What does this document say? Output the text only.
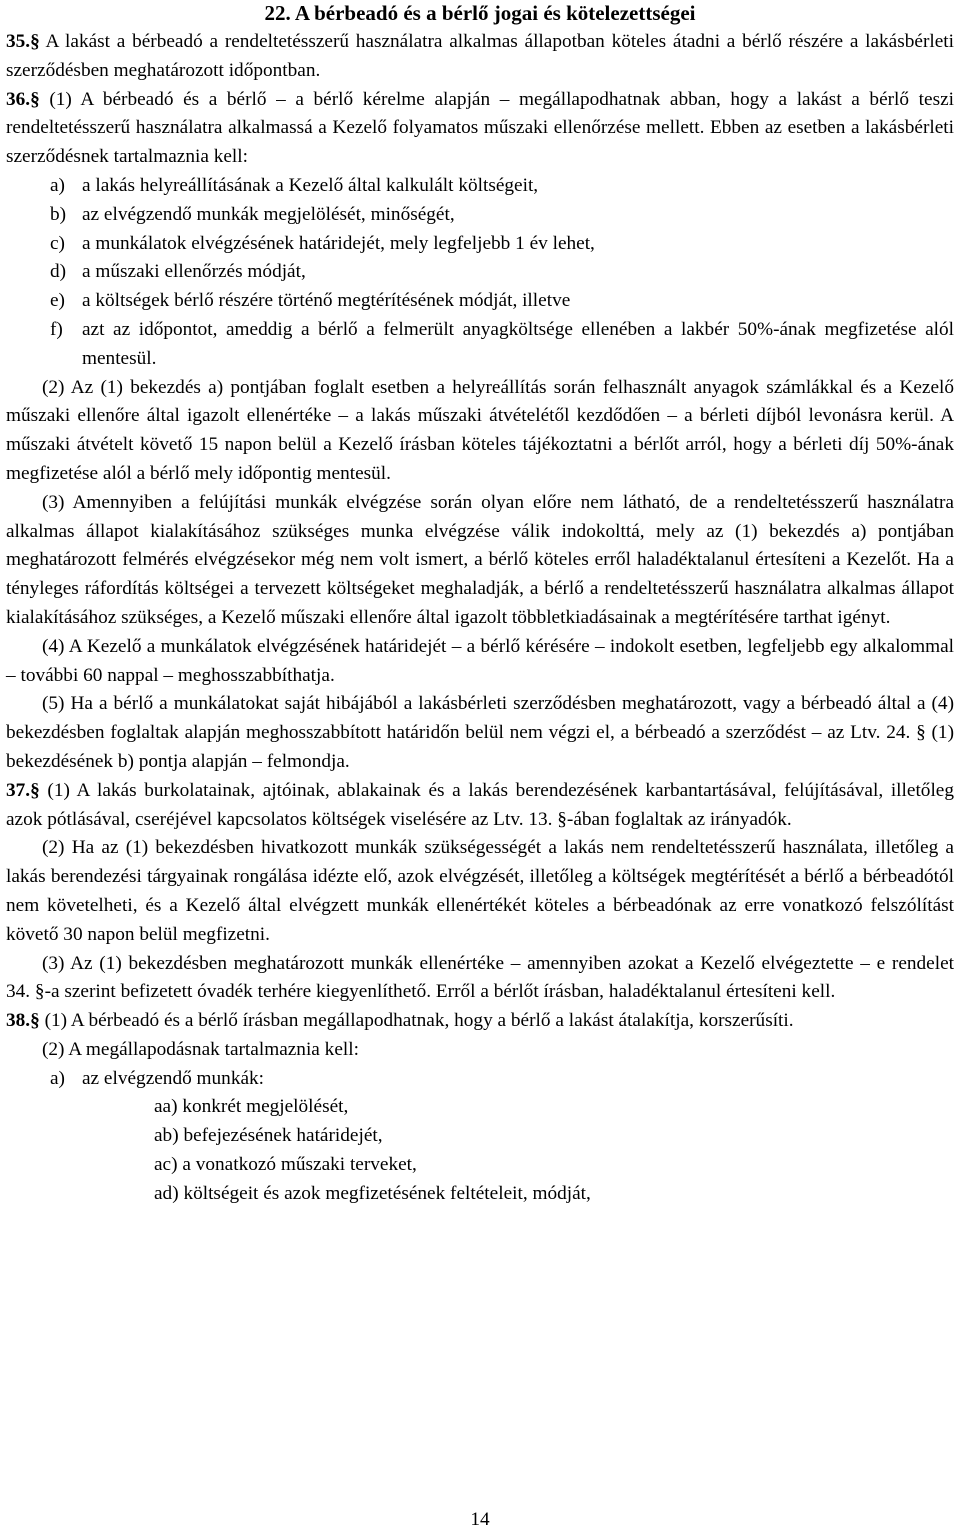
22. A bérbeadó és a bérlő jogai és kötelezettségei

35.§ A lakást a bérbeadó a rendeltetésszerű használatra alkalmas állapotban köteles átadni a bérlő részére a lakásbérleti szerződésben meghatározott időpontban.

36.§ (1) A bérbeadó és a bérlő – a bérlő kérelme alapján – megállapodhatnak abban, hogy a lakást a bérlő teszi rendeltetésszerű használatra alkalmassá a Kezelő folyamatos műszaki ellenőrzése mellett. Ebben az esetben a lakásbérleti szerződésnek tartalmaznia kell:

a) a lakás helyreállításának a Kezelő által kalkulált költségeit,

b) az elvégzendő munkák megjelölését, minőségét,

c) a munkálatok elvégzésének határidejét, mely legfeljebb 1 év lehet,

d) a műszaki ellenőrzés módját,

e) a költségek bérlő részére történő megtérítésének módját, illetve

f) azt az időpontot, ameddig a bérlő a felmerült anyagköltsége ellenében a lakbér 50%-ának megfizetése alól mentesül.

(2) Az (1) bekezdés a) pontjában foglalt esetben a helyreállítás során felhasznált anyagok számlákkal és a Kezelő műszaki ellenőre által igazolt ellenértéke – a lakás műszaki átvételétől kezdődően – a bérleti díjból levonásra kerül. A műszaki átvételt követő 15 napon belül a Kezelő írásban köteles tájékoztatni a bérlőt arról, hogy a bérleti díj 50%-ának megfizetése alól a bérlő mely időpontig mentesül.

(3) Amennyiben a felújítási munkák elvégzése során olyan előre nem látható, de a rendeltetésszerű használatra alkalmas állapot kialakításához szükséges munka elvégzése válik indokolttá, mely az (1) bekezdés a) pontjában meghatározott felmérés elvégzésekor még nem volt ismert, a bérlő köteles erről haladéktalanul értesíteni a Kezelőt. Ha a tényleges ráfordítás költségei a tervezett költségeket meghaladják, a bérlő a rendeltetésszerű használatra alkalmas állapot kialakításához szükséges, a Kezelő műszaki ellenőre által igazolt többletkiadásainak a megtérítésére tarthat igényt.

(4) A Kezelő a munkálatok elvégzésének határidejét – a bérlő kérésére – indokolt esetben, legfeljebb egy alkalommal – további 60 nappal – meghosszabbíthatja.

(5) Ha a bérlő a munkálatokat saját hibájából a lakásbérleti szerződésben meghatározott, vagy a bérbeadó által a (4) bekezdésben foglaltak alapján meghosszabbított határidőn belül nem végzi el, a bérbeadó a szerződést – az Ltv. 24. § (1) bekezdésének b) pontja alapján – felmondja.

37.§ (1) A lakás burkolatainak, ajtóinak, ablakainak és a lakás berendezésének karbantartásával, felújításával, illetőleg azok pótlásával, cseréjével kapcsolatos költségek viselésére az Ltv. 13. §-ában foglaltak az irányadók.

(2) Ha az (1) bekezdésben hivatkozott munkák szükségességét a lakás nem rendeltetésszerű használata, illetőleg a lakás berendezési tárgyainak rongálása idézte elő, azok elvégzését, illetőleg a költségek megtérítését a bérlő a bérbeadótól nem követelheti, és a Kezelő által elvégzett munkák ellenértékét köteles a bérbeadónak az erre vonatkozó felszólítást követő 30 napon belül megfizetni.

(3) Az (1) bekezdésben meghatározott munkák ellenértéke – amennyiben azokat a Kezelő elvégeztette – e rendelet 34. §-a szerint befizetett óvadék terhére kiegyenlíthető. Erről a bérlőt írásban, haladéktalanul értesíteni kell.

38.§ (1) A bérbeadó és a bérlő írásban megállapodhatnak, hogy a bérlő a lakást átalakítja, korszerűsíti.

(2) A megállapodásnak tartalmaznia kell:

a) az elvégzendő munkák:

aa) konkrét megjelölését,

ab) befejezésének határidejét,

ac) a vonatkozó műszaki terveket,

ad) költségeit és azok megfizetésének feltételeit, módját,

14
